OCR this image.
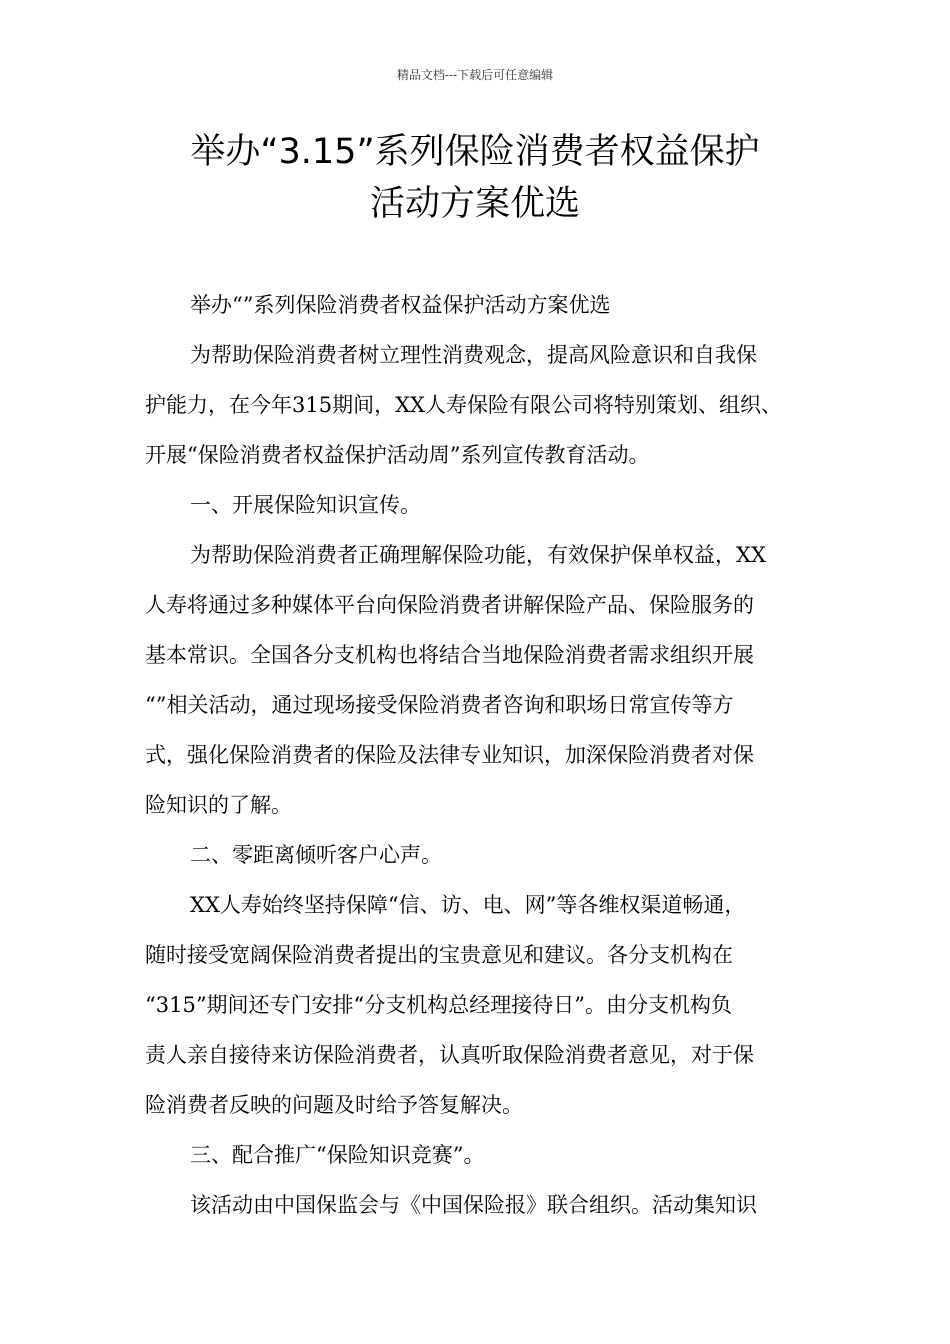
精品文档---下载后可任意编辑
举办“3.15”系列保险消费者权益保护
活动方案优选
举办“”系列保险消费者权益保护活动方案优选
为帮助保险消费者树立理性消费观念，提高风险意识和自我保
护能力，在今年315期间，XX人寿保险有限公司将特别策划、组织、
开展“保险消费者权益保护活动周”系列宣传教育活动。
一、开展保险知识宣传。
为帮助保险消费者正确理解保险功能，有效保护保单权益，XX
人寿将通过多种媒体平台向保险消费者讲解保险产品、保险服务的
基本常识。全国各分支机构也将结合当地保险消费者需求组织开展
“”相关活动，通过现场接受保险消费者咨询和职场日常宣传等方
式，强化保险消费者的保险及法律专业知识，加深保险消费者对保
险知识的了解。
二、零距离倾听客户心声。
XX人寿始终坚持保障“信、访、电、网”等各维权渠道畅通，
随时接受宽阔保险消费者提出的宝贵意见和建议。各分支机构在
“315”期间还专门安排“分支机构总经理接待日”。由分支机构负
责人亲自接待来访保险消费者，认真听取保险消费者意见，对于保
险消费者反映的问题及时给予答复解决。
三、配合推广“保险知识竞赛”。
该活动由中国保监会与《中国保险报》联合组织。活动集知识
